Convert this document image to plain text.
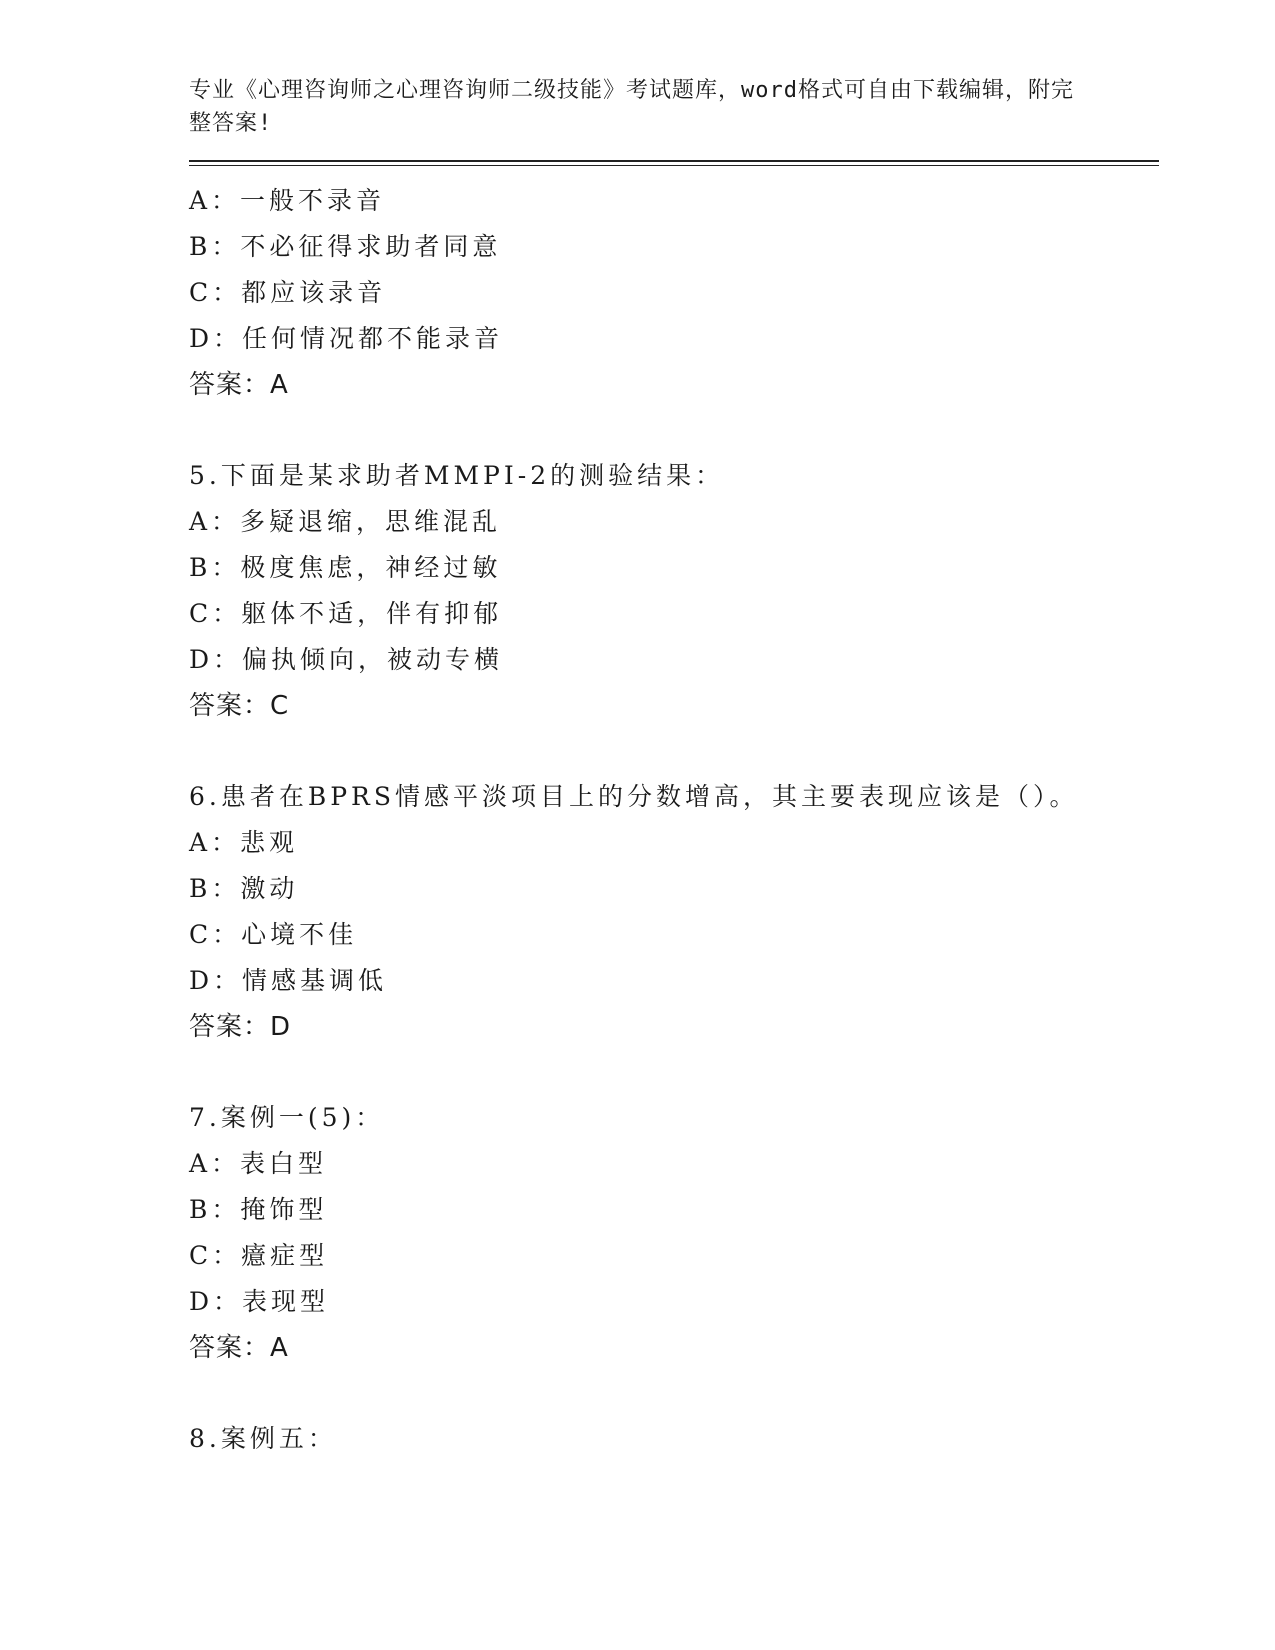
专业《心理咨询师之心理咨询师二级技能》考试题库，word格式可自由下载编辑，附完整答案!
A：一般不录音
B：不必征得求助者同意
C：都应该录音
D：任何情况都不能录音
答案：A
5.下面是某求助者MMPI-2的测验结果：
A：多疑退缩，思维混乱
B：极度焦虑，神经过敏
C：躯体不适，伴有抑郁
D：偏执倾向，被动专横
答案：C
6.患者在BPRS情感平淡项目上的分数增高，其主要表现应该是（）。
A：悲观
B：激动
C：心境不佳
D：情感基调低
答案：D
7.案例一(5)：
A：表白型
B：掩饰型
C：癔症型
D：表现型
答案：A
8.案例五：
